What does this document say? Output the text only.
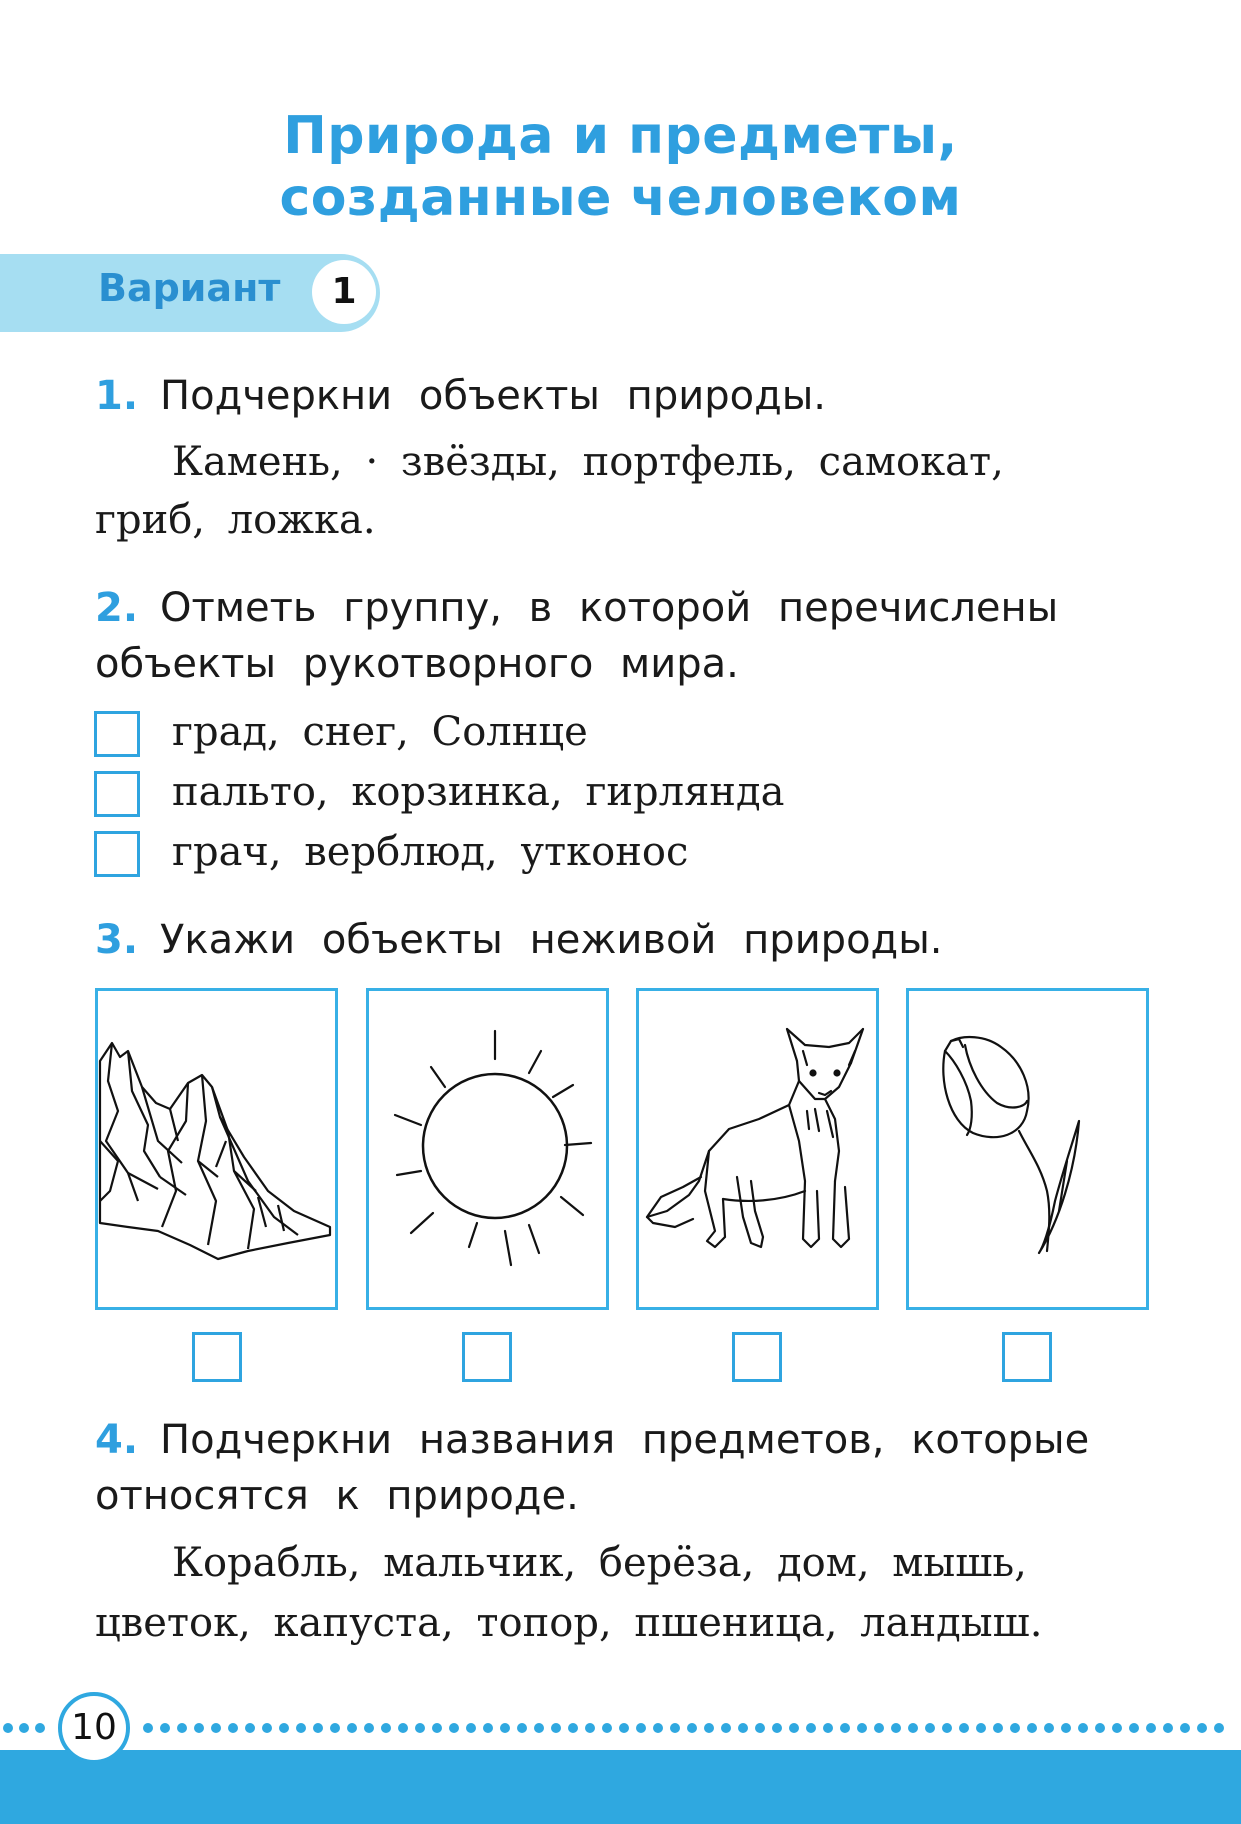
Природа и предметы,
созданные человеком
Вариант	1
1. Подчеркни объекты природы.
Камень, · звёзды, портфель, самокат,
гриб, ложка.
2. Отметь группу, в которой перечислены
объекты рукотворного мира.
град, снег, Солнце
пальто, корзинка, гирлянда
грач, верблюд, утконос
3. Укажи объекты неживой природы.
4. Подчеркни названия предметов, которые
относятся к природе.
Корабль, мальчик, берёза, дом, мышь,
цветок, капуста, топор, пшеница, ландыш.
10
